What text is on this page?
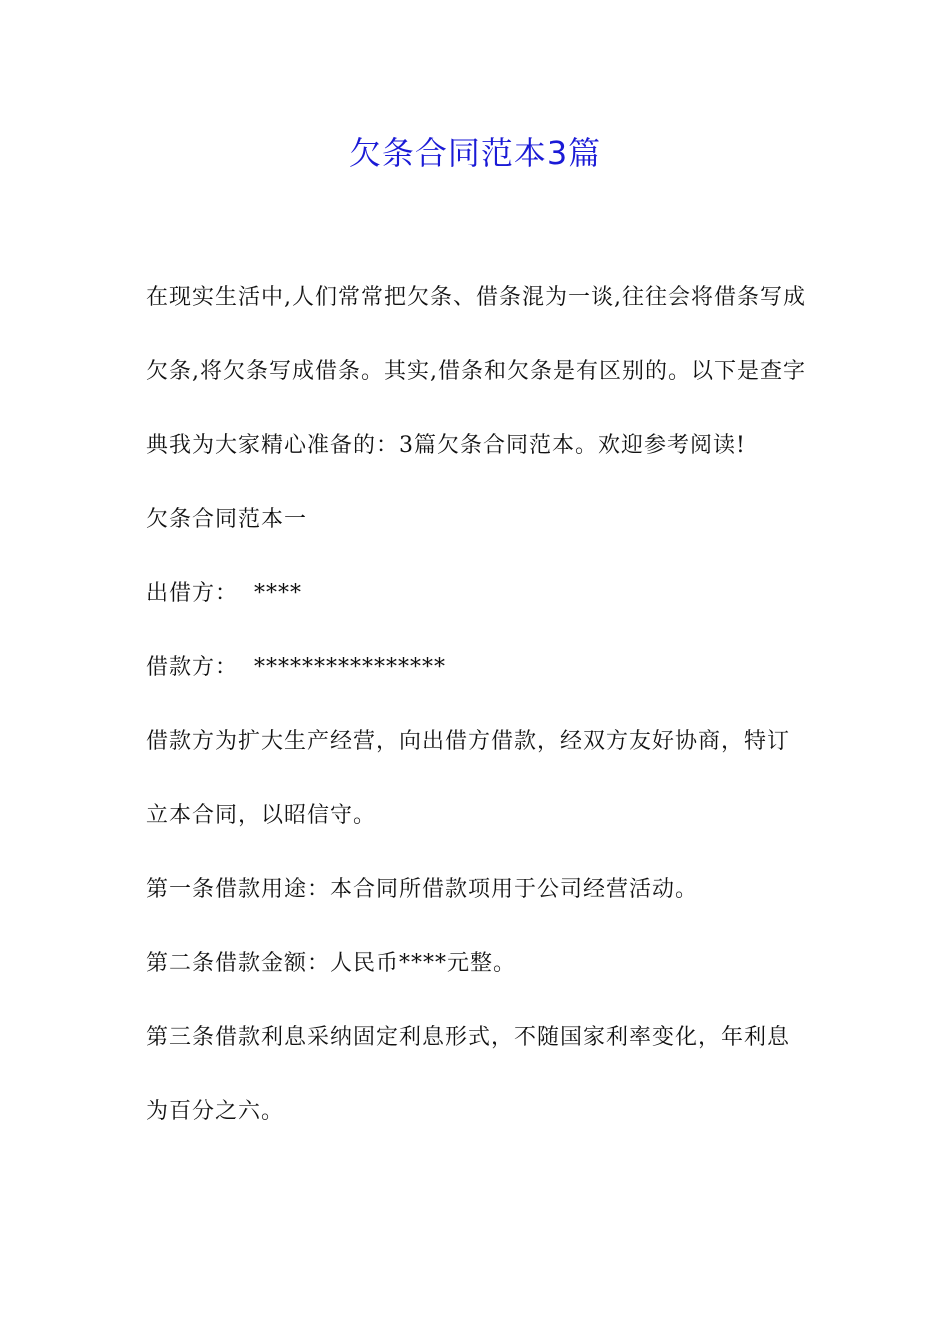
欠条合同范本3篇

在现实生活中,人们常常把欠条、借条混为一谈,往往会将借条写成欠条,将欠条写成借条。其实,借条和欠条是有区别的。以下是查字典我为大家精心准备的：3篇欠条合同范本。欢迎参考阅读!

欠条合同范本一

出借方：  ****

借款方：  ****************

借款方为扩大生产经营，向出借方借款，经双方友好协商，特订立本合同，以昭信守。

第一条借款用途：本合同所借款项用于公司经营活动。

第二条借款金额：人民币****元整。

第三条借款利息采纳固定利息形式，不随国家利率变化，年利息为百分之六。
